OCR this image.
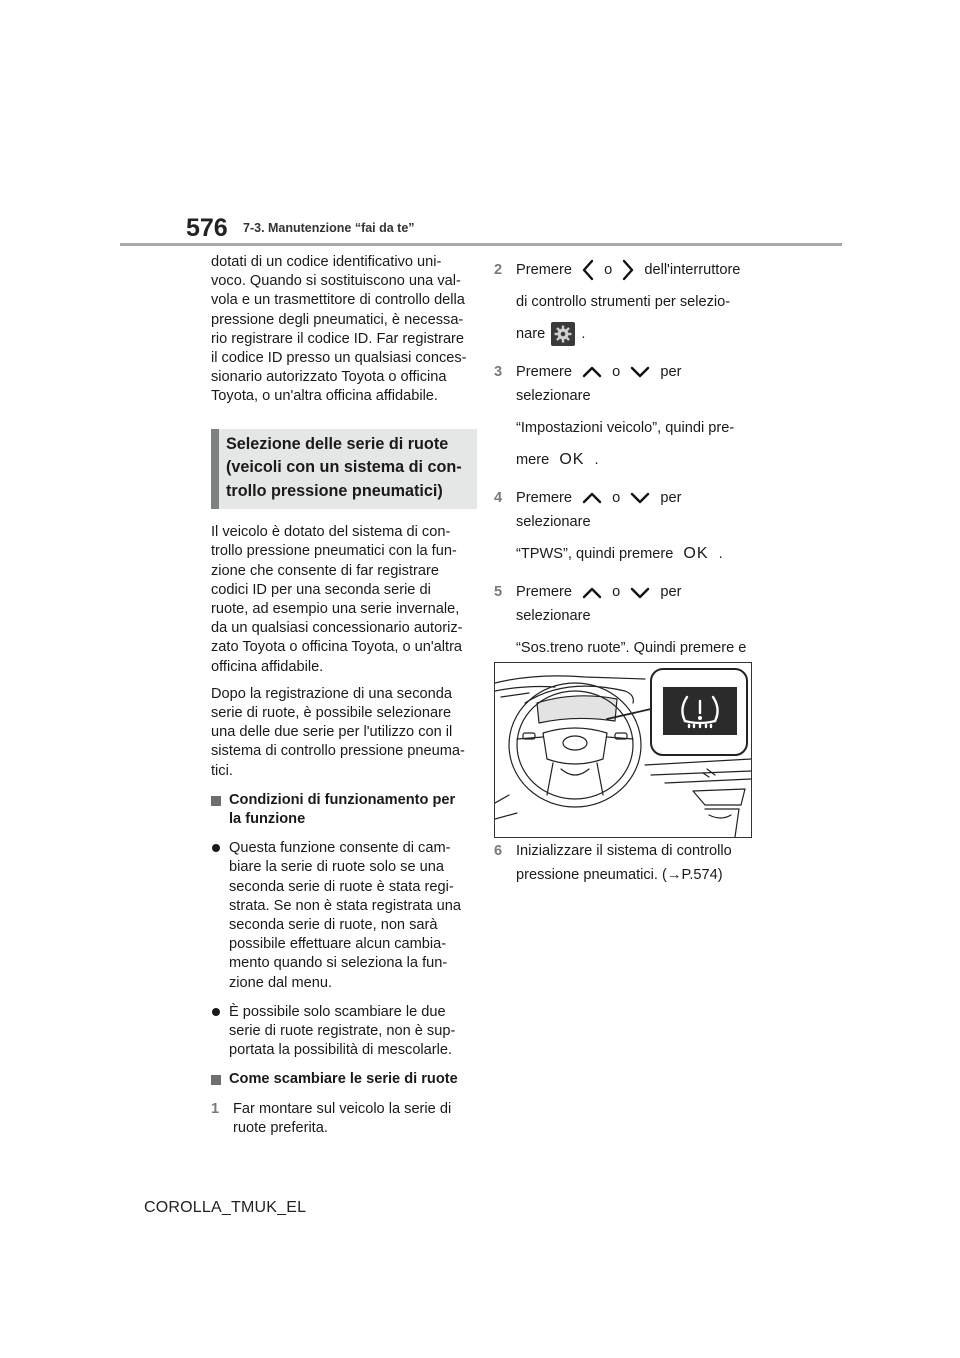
576 7-3. Manutenzione “fai da te”

dotati di un codice identificativo uni-voco. Quando si sostituiscono una val-vola e un trasmettitore di controllo della pressione degli pneumatici, è necessa-rio registrare il codice ID. Far registrare il codice ID presso un qualsiasi conces-sionario autorizzato Toyota o officina Toyota, o un'altra officina affidabile.

Selezione delle serie di ruote (veicoli con un sistema di con-trollo pressione pneumatici)

Il veicolo è dotato del sistema di con-trollo pressione pneumatici con la fun-zione che consente di far registrare codici ID per una seconda serie di ruote, ad esempio una serie invernale, da un qualsiasi concessionario autoriz-zato Toyota o officina Toyota, o un'altra officina affidabile.

Dopo la registrazione di una seconda serie di ruote, è possibile selezionare una delle due serie per l'utilizzo con il sistema di controllo pressione pneuma-tici.

Condizioni di funzionamento per la funzione
Questa funzione consente di cam-biare la serie di ruote solo se una seconda serie di ruote è stata regi-strata. Se non è stata registrata una seconda serie di ruote, non sarà possibile effettuare alcun cambia-mento quando si seleziona la fun-zione dal menu.
È possibile solo scambiare le due serie di ruote registrate, non è sup-portata la possibilità di mescolarle.
Come scambiare le serie di ruote
1 Far montare sul veicolo la serie di ruote preferita.
2 Premere o dell'interruttore
di controllo strumenti per selezio-
nare .
3 Premere	o	per selezionare
“Impostazioni veicolo”, quindi pre-
mere OK .
4 Premere	o	per selezionare
“TPWS”, quindi premere OK .
5 Premere	o	per selezionare
“Sos.treno ruote”. Quindi premere e
6 Inizializzare il sistema di controllo
pressione pneumatici. (→P.574)
COROLLA_TMUK_EL
